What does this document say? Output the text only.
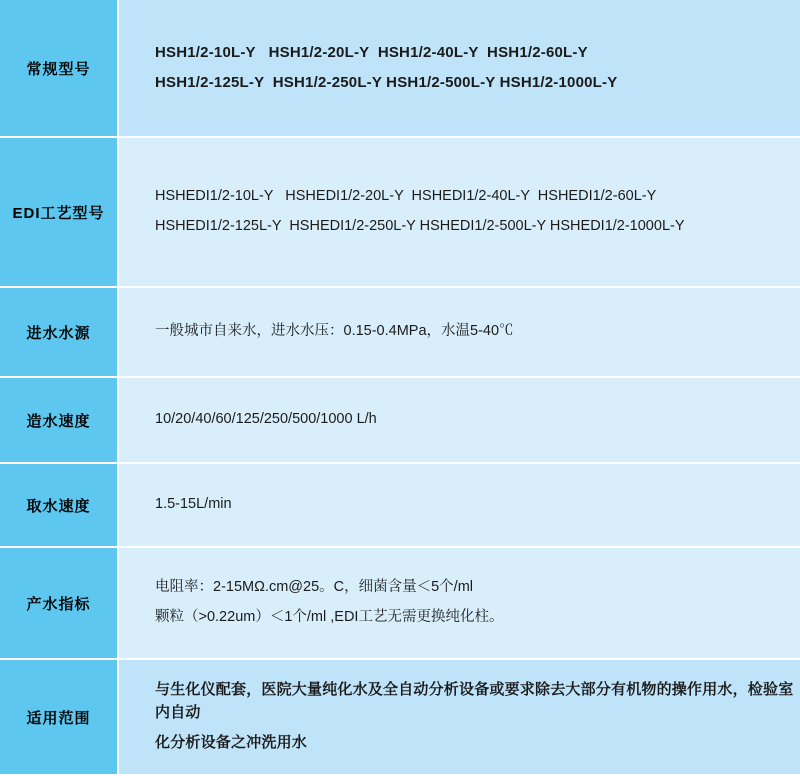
常规型号	HSH1/2-10L-Y   HSH1/2-20L-Y  HSH1/2-40L-Y  HSH1/2-60L-Y
HSH1/2-125L-Y  HSH1/2-250L-Y HSH1/2-500L-Y HSH1/2-1000L-Y

EDI工艺型号	HSHEDI1/2-10L-Y   HSHEDI1/2-20L-Y  HSHEDI1/2-40L-Y  HSHEDI1/2-60L-Y
HSHEDI1/2-125L-Y  HSHEDI1/2-250L-Y HSHEDI1/2-500L-Y HSHEDI1/2-1000L-Y

进水水源	一般城市自来水，进水水压：0.15-0.4MPa，水温5-40℃

造水速度	10/20/40/60/125/250/500/1000 L/h

取水速度	1.5-15L/min

产水指标	电阻率：2-15MΩ.cm@25。C，细菌含量＜5个/ml
颗粒（>0.22um）＜1个/ml ,EDI工艺无需更换纯化柱。

适用范围	与生化仪配套，医院大量纯化水及全自动分析设备或要求除去大部分有机物的操作用水，检验室内自动
化分析设备之冲洗用水
